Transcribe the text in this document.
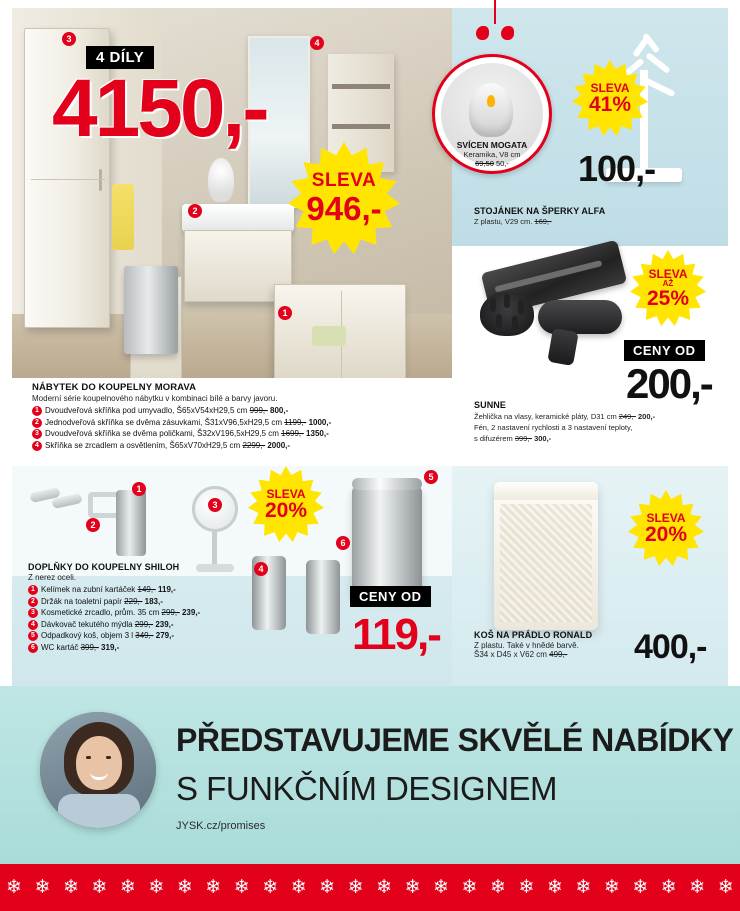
3	4
2
1
4 DÍLY
4150,-
SLEVA
946,-
NÁBYTEK DO KOUPELNY MORAVA
Moderní série koupelnového nábytku v kombinaci bílé a barvy javoru.
1 Dvoudveřová skříňka pod umyvadlo, Š65xV54xH29,5 cm 999,- 800,-
2 Jednodveřová skříňka se dvěma zásuvkami, Š31xV96,5xH29,5 cm 1199,- 1000,-
3 Dvoudveřová skříňka se dvěma poličkami, Š32xV196,5xH29,5 cm 1699,- 1350,-
4 Skříňka se zrcadlem a osvětlením, Š65xV70xH29,5 cm 2299,- 2000,-
SVÍCEN MOGATA
Keramika, V8 cm
69,50 50,-
SLEVA
41%
100,-
STOJÁNEK NA ŠPERKY ALFA
Z plastu, V29 cm. 169,-
SLEVA
AŽ
25%
CENY OD
200,-
SUNNE
Žehlička na vlasy, keramické pláty, D31 cm 249,- 200,-
Fén, 2 nastavení rychlosti a 3 nastavení teploty,
s difuzérem 399,- 300,-
1
2
3
4
5
6
SLEVA
20%
CENY OD
119,-
DOPLŇKY DO KOUPELNY SHILOH
Z nerez oceli.
1 Kelímek na zubní kartáček 149,- 119,-
2 Držák na toaletní papír 229,- 183,-
3 Kosmetické zrcadlo, prům. 35 cm 299,- 239,-
4 Dávkovač tekutého mýdla 299,- 239,-
5 Odpadkový koš, objem 3 l 349,- 279,-
6 WC kartáč 399,- 319,-
SLEVA
20%
400,-
KOŠ NA PRÁDLO RONALD
Z plastu. Také v hnědé barvě.
Š34 x D45 x V62 cm 499,-
PŘEDSTAVUJEME SKVĚLÉ NABÍDKY
S FUNKČNÍM DESIGNEM
JYSK.cz/promises
❄ ❄ ❄ ❄ ❄ ❄ ❄ ❄ ❄ ❄ ❄ ❄ ❄ ❄ ❄ ❄ ❄ ❄ ❄ ❄ ❄ ❄ ❄ ❄ ❄ ❄
